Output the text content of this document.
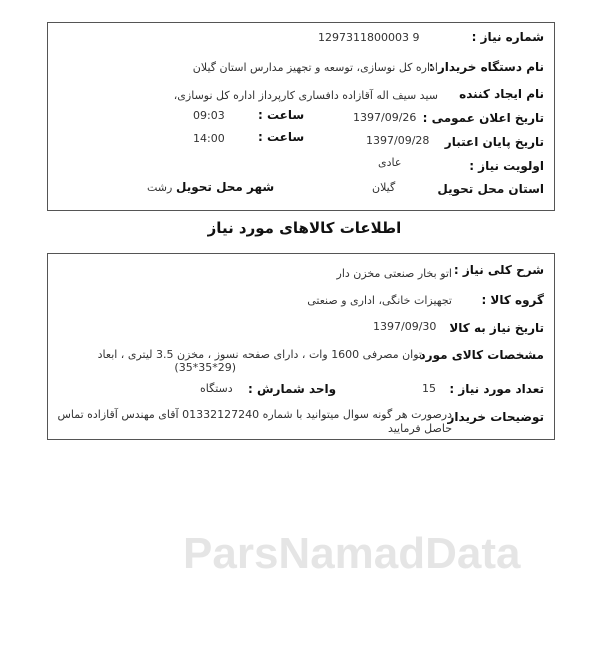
شماره نیاز :
1297311800003 9
نام دستگاه خریدار :
اداره کل نوسازی، توسعه و تجهیز مدارس استان گیلان
نام ایجاد کننده
سید سیف اله آقازاده دافساری کارپرداز اداره کل نوسازی،
تاریخ اعلان عمومی :
1397/09/26
ساعت :
09:03
تاریخ پایان اعتبار
1397/09/28
ساعت :
14:00
اولویت نیاز :
عادی
استان محل تحویل
گیلان
شهر محل تحویل
رشت
اطلاعات کالاهای مورد نیاز
ParsNamadData
شرح کلی نیاز :
اتو بخار صنعتی مخزن دار
گروه کالا :
تجهیزات خانگی، اداری و صنعتی
تاریخ نیاز به کالا
1397/09/30
مشخصات کالای مورد
توان مصرفی 1600 وات ، دارای صفحه نسوز ، مخزن 3.5 لیتری ، ابعاد
(35*35*29)
تعداد مورد نیاز :
15
واحد شمارش :
دستگاه
توضیحات خریدار
درصورت هر گونه سوال میتوانید با شماره 01332127240 آقای مهندس آقازاده تماس
حاصل فرمایید
